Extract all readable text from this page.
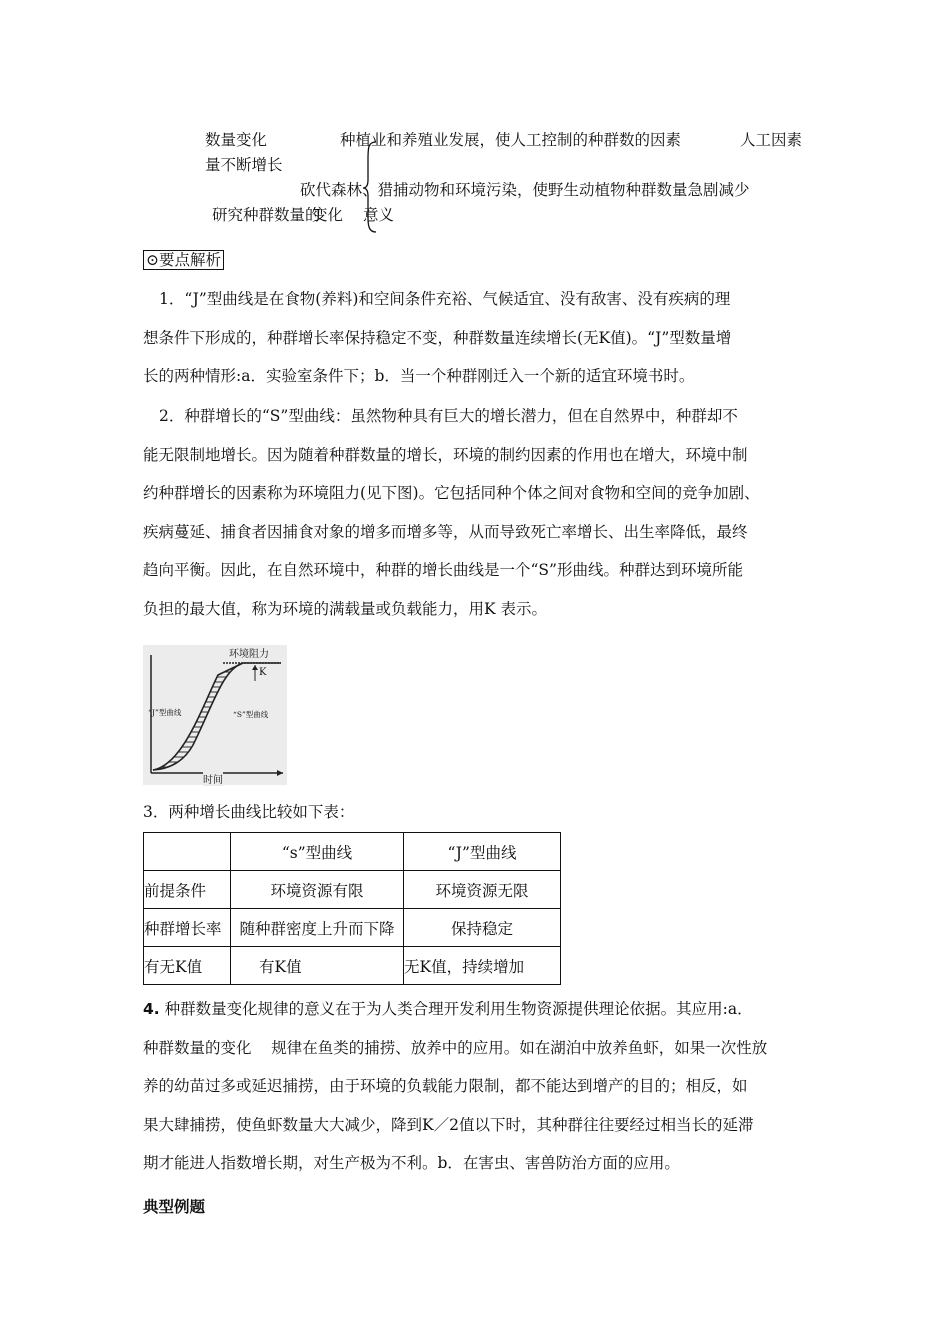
数量变化	种植业和养殖业发展，使人工控制的种群数的因素	人工因素
量不断增长
砍代森林、猎捕动物和环境污染，使野生动植物种群数量急剧减少
研究种群数量的
变化 意义
⊙要点解析

1．“J”型曲线是在食物(养料)和空间条件充裕、气候适宜、没有敌害、没有疾病的理

想条件下形成的，种群增长率保持稳定不变，种群数量连续增长(无K值)。“J”型数量增

长的两种情形:a．实验室条件下；b．当一个种群刚迁入一个新的适宜环境书时。

2．种群增长的“S”型曲线：虽然物种具有巨大的增长潜力，但在自然界中，种群却不

能无限制地增长。因为随着种群数量的增长，环境的制约因素的作用也在增大，环境中制

约种群增长的因素称为环境阻力(见下图)。它包括同种个体之间对食物和空间的竞争加剧、

疾病蔓延、捕食者因捕食对象的增多而增多等，从而导致死亡率增长、出生率降低，最终

趋向平衡。因此，在自然环境中，种群的增长曲线是一个“S”形曲线。种群达到环境所能

负担的最大值，称为环境的满载量或负载能力，用K 表示。

环境阻力
K
“J”型曲线	“S”型曲线
时间
3．两种增长曲线比较如下表：
	“s”型曲线	“J”型曲线
前提条件	环境资源有限	环境资源无限
种群增长率	随种群密度上升而下降	保持稳定
有无K值	有K值	无K值，持续增加

4. 种群数量变化规律的意义在于为人类合理开发利用生物资源提供理论依据。其应用:a．

种群数量的变化    规律在鱼类的捕捞、放养中的应用。如在湖泊中放养鱼虾，如果一次性放

养的幼苗过多或延迟捕捞，由于环境的负载能力限制，都不能达到增产的目的；相反，如

果大肆捕捞，使鱼虾数量大大减少，降到K／2值以下时，其种群往往要经过相当长的延滞

期才能进人指数增长期，对生产极为不利。b．在害虫、害兽防治方面的应用。

典型例题
